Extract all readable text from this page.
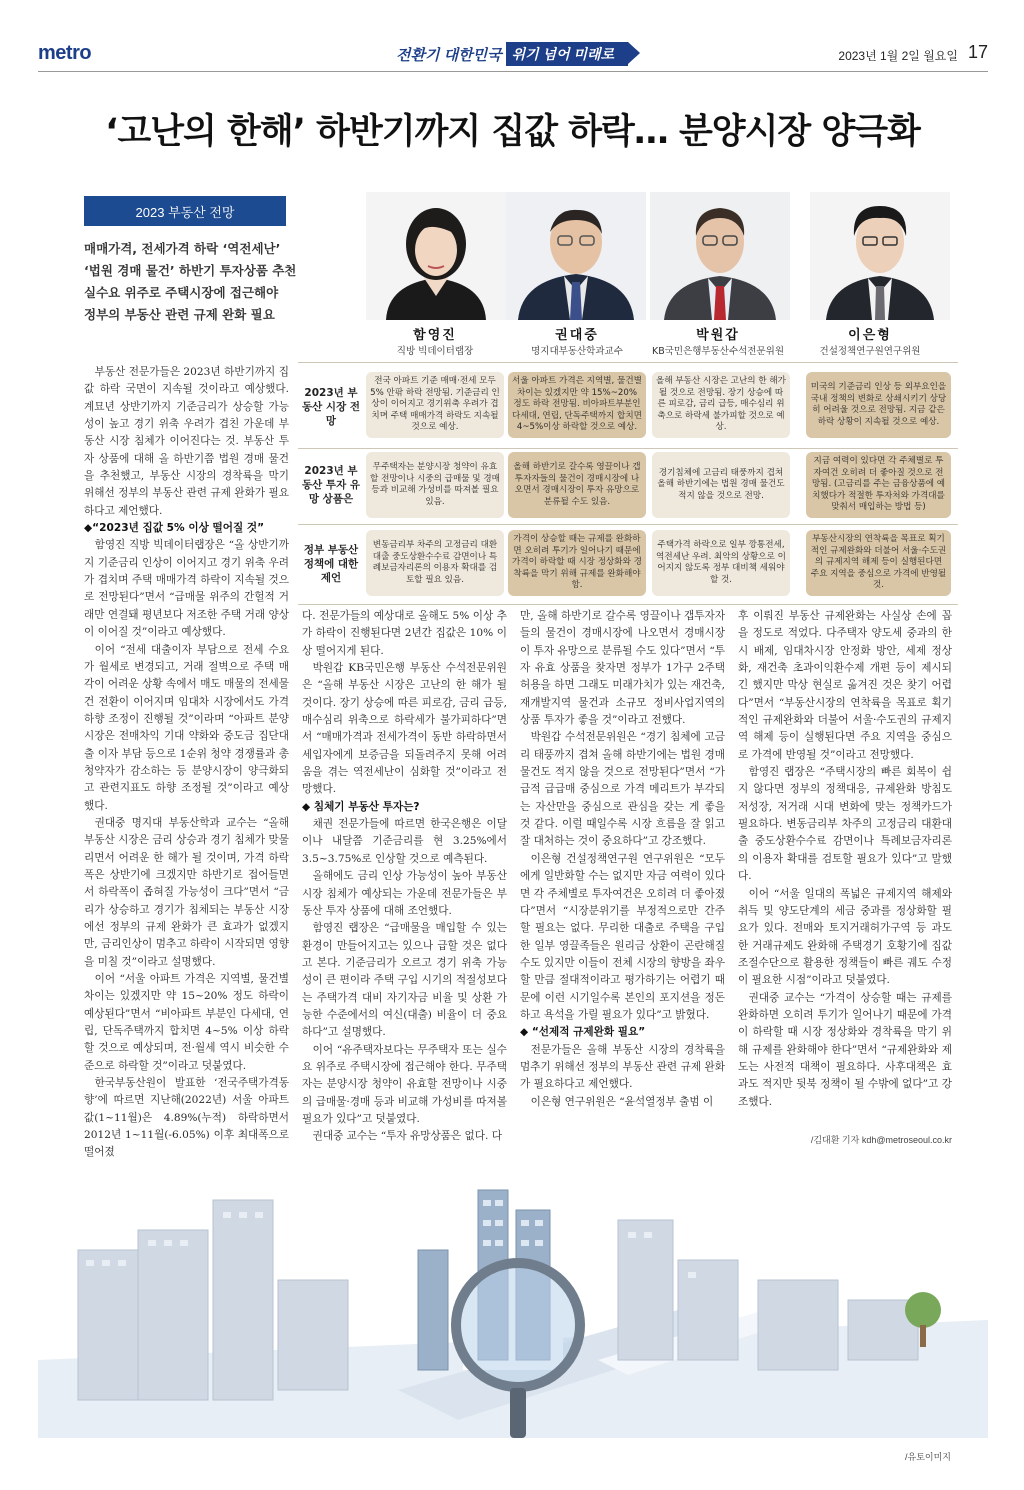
metro	전환기 대한민국 위기 넘어 미래로	2023년 1월 2일 월요일 17
‘고난의 한해’ 하반기까지 집값 하락… 분양시장 양극화
2023 부동산 전망
매매가격, 전세가격 하락 ‘역전세난’
‘법원 경매 물건’ 하반기 투자상품 추천
실수요 위주로 주택시장에 접근해야
정부의 부동산 관련 규제 완화 필요
함영진
직방 빅데이터랩장
권대중
명지대부동산학과교수
박원갑
KB국민은행부동산수석전문위원
이은형
건설정책연구원연구위원
2023년 부동산 시장 전망
2023년 부동산 투자 유망 상품은
정부 부동산정책에 대한 제언
전국 아파트 기준 매매·전세 모두 5% 안팎 하락 전망됨. 기준금리 인상이 이어지고 경기위축 우려가 겹치며 주택 매매가격 하락도 지속될 것으로 예상.
서울 아파트 가격은 지역별, 물건별 차이는 있겠지만 약 15%~20% 정도 하락 전망됨. 비아파트부분인 다세대, 연립, 단독주택까지 합치면 4~5%이상 하락할 것으로 예상.
올해 부동산 시장은 고난의 한 해가 될 것으로 전망됨. 장기 상승에 따른 피로감, 금리 급등, 매수심리 위축으로 하락세 불가피할 것으로 예상.
미국의 기준금리 인상 등 외부요인을 국내 정책의 변화로 상쇄시키기 상당히 어려울 것으로 전망됨. 지금 같은 하락 상황이 지속될 것으로 예상.
무주택자는 분양시장 청약이 유효할 전망이나 시중의 급매물 및 경매 등과 비교해 가성비를 따져볼 필요 있음.
올해 하반기로 갈수록 영끌이나 갭투자자들의 물건이 경매시장에 나오면서 경매시장이 투자 유망으로 분류될 수도 있음.
경기침체에 고금리 태풍까지 겹쳐 올해 하반기에는 법원 경매 물건도 적지 않을 것으로 전망.
지금 여력이 있다면 각 주체별로 투자여건 오히려 더 좋아질 것으로 전망됨. (고금리를 주는 금융상품에 예치했다가 적절한 투자처와 가격대를 맞춰서 매입하는 방법 등)
변동금리부 차주의 고정금리 대환대출 중도상환수수료 감면이나 특례보금자리론의 이용자 확대를 검토할 필요 있음.
가격이 상승할 때는 규제를 완화하면 오히려 투기가 일어나기 때문에 가격이 하락할 때 시장 정상화와 경착륙을 막기 위해 규제를 완화해야 함.
주택가격 하락으로 일부 깡통전세, 역전세난 우려. 최악의 상황으로 이어지지 않도록 정부 대비책 세워야 할 것.
부동산시장의 연착륙을 목표로 획기적인 규제완화와 더불어 서울·수도권의 규제지역 해제 등이 실행된다면 주요 지역을 중심으로 가격에 반영될 것.

부동산 전문가들은 2023년 하반기까지 집값 하락 국면이 지속될 것이라고 예상했다. 계묘년 상반기까지 기준금리가 상승할 가능성이 높고 경기 위축 우려가 겹친 가운데 부동산 시장 침체가 이어진다는 것. 부동산 투자 상품에 대해 올 하반기쯤 법원 경매 물건을 추천했고, 부동산 시장의 경착륙을 막기 위해선 정부의 부동산 관련 규제 완화가 필요하다고 제언했다.

◆“2023년 집값 5% 이상 떨어질 것”

함영진 직방 빅데이터랩장은 “올 상반기까지 기준금리 인상이 이어지고 경기 위축 우려가 겹치며 주택 매매가격 하락이 지속될 것으로 전망된다”면서 “급매물 위주의 간헐적 거래만 연결돼 평년보다 저조한 주택 거래 양상이 이어질 것”이라고 예상했다.

이어 “전세 대출이자 부담으로 전세 수요가 월세로 변경되고, 거래 절벽으로 주택 매각이 어려운 상황 속에서 매도 매물의 전세물건 전환이 이어지며 임대차 시장에서도 가격 하향 조정이 진행될 것”이라며 “아파트 분양시장은 전매차익 기대 약화와 중도금 집단대출 이자 부담 등으로 1순위 청약 경쟁률과 총 청약자가 감소하는 등 분양시장이 양극화되고 관련지표도 하향 조정될 것”이라고 예상했다.

권대중 명지대 부동산학과 교수는 “올해 부동산 시장은 금리 상승과 경기 침체가 맞물리면서 어려운 한 해가 될 것이며, 가격 하락폭은 상반기에 크겠지만 하반기로 접어들면서 하락폭이 좁혀질 가능성이 크다”면서 “금리가 상승하고 경기가 침체되는 부동산 시장에선 정부의 규제 완화가 큰 효과가 없겠지만, 금리인상이 멈추고 하락이 시작되면 영향을 미칠 것”이라고 설명했다.

이어 “서울 아파트 가격은 지역별, 물건별 차이는 있겠지만 약 15~20% 정도 하락이 예상된다”면서 “비아파트 부분인 다세대, 연립, 단독주택까지 합치면 4~5% 이상 하락할 것으로 예상되며, 전·월세 역시 비슷한 수준으로 하락할 것”이라고 덧붙였다.

한국부동산원이 발표한 ‘전국주택가격동향’에 따르면 지난해(2022년) 서울 아파트값(1~11월)은 4.89%(누적) 하락하면서 2012년 1~11월(-6.05%) 이후 최대폭으로 떨어졌

다. 전문가들의 예상대로 올해도 5% 이상 추가 하락이 진행된다면 2년간 집값은 10% 이상 떨어지게 된다.

박원갑 KB국민은행 부동산 수석전문위원은 “올해 부동산 시장은 고난의 한 해가 될 것이다. 장기 상승에 따른 피로감, 금리 급등, 매수심리 위축으로 하락세가 불가피하다”면서 “매매가격과 전세가격이 동반 하락하면서 세입자에게 보증금을 되돌려주지 못해 어려움을 겪는 역전세난이 심화할 것”이라고 전망했다.

◆ 침체기 부동산 투자는?

채권 전문가들에 따르면 한국은행은 이달이나 내달쯤 기준금리를 현 3.25%에서 3.5~3.75%로 인상할 것으로 예측된다.

올해에도 금리 인상 가능성이 높아 부동산 시장 침체가 예상되는 가운데 전문가들은 부동산 투자 상품에 대해 조언했다.

함영진 랩장은 “급매물을 매입할 수 있는 환경이 만들어지고는 있으나 급할 것은 없다고 본다. 기준금리가 오르고 경기 위축 가능성이 큰 편이라 주택 구입 시기의 적절성보다는 주택가격 대비 자기자금 비율 및 상환 가능한 수준에서의 여신(대출) 비율이 더 중요하다”고 설명했다.

이어 “유주택자보다는 무주택자 또는 실수요 위주로 주택시장에 접근해야 한다. 무주택자는 분양시장 청약이 유효할 전망이나 시중의 급매물·경매 등과 비교해 가성비를 따져볼 필요가 있다”고 덧붙였다.

권대중 교수는 “투자 유망상품은 없다. 다

만, 올해 하반기로 갈수록 영끌이나 갭투자자들의 물건이 경매시장에 나오면서 경매시장이 투자 유망으로 분류될 수도 있다”면서 “투자 유효 상품을 찾자면 정부가 1가구 2주택 허용을 하면 그래도 미래가치가 있는 재건축, 재개발지역 물건과 소규모 정비사업지역의 상품 투자가 좋을 것”이라고 전했다.

박원갑 수석전문위원은 “경기 침체에 고금리 태풍까지 겹쳐 올해 하반기에는 법원 경매 물건도 적지 않을 것으로 전망된다”면서 “가급적 급급매 중심으로 가격 메리트가 부각되는 자산만을 중심으로 관심을 갖는 게 좋을 것 같다. 이럴 때일수록 시장 흐름을 잘 읽고 잘 대처하는 것이 중요하다”고 강조했다.

이은형 건설정책연구원 연구위원은 “모두에게 일반화할 수는 없지만 자금 여력이 있다면 각 주체별로 투자여건은 오히려 더 좋아졌다”면서 “시장분위기를 부정적으로만 간주할 필요는 없다. 무리한 대출로 주택을 구입한 일부 영끌족들은 원리금 상환이 곤란해질 수도 있지만 이들이 전체 시장의 향방을 좌우할 만큼 절대적이라고 평가하기는 어렵기 때문에 이런 시기일수록 본인의 포지션을 정돈하고 욕석을 가릴 필요가 있다”고 밝혔다.

◆ “선제적 규제완화 필요”

전문가들은 올해 부동산 시장의 경착륙을 멈추기 위해선 정부의 부동산 관련 규제 완화가 필요하다고 제언했다.

이은형 연구위원은 “윤석열정부 출범 이

후 이뤄진 부동산 규제완화는 사실상 손에 꼽을 정도로 적었다. 다주택자 양도세 중과의 한시 배제, 임대차시장 안정화 방안, 세제 정상화, 재건축 초과이익환수제 개편 등이 제시되긴 했지만 막상 현실로 옮겨진 것은 찾기 어렵다”면서 “부동산시장의 연착륙을 목표로 획기적인 규제완화와 더불어 서울·수도권의 규제지역 해제 등이 실행된다면 주요 지역을 중심으로 가격에 반영될 것”이라고 전망했다.

함영진 랩장은 “주택시장의 빠른 회복이 쉽지 않다면 정부의 정책대응, 규제완화 방침도 저성장, 저거래 시대 변화에 맞는 정책카드가 필요하다. 변동금리부 차주의 고정금리 대환대출 중도상환수수료 감면이나 특례보금자리론의 이용자 확대를 검토할 필요가 있다”고 말했다.

이어 “서울 일대의 폭넓은 규제지역 해제와 취득 및 양도단계의 세금 중과를 정상화할 필요가 있다. 전매와 토지거래허가구역 등 과도한 거래규제도 완화해 주택경기 호황기에 집값 조절수단으로 활용한 정책들이 빠른 궤도 수정이 필요한 시점”이라고 덧붙였다.

권대중 교수는 “가격이 상승할 때는 규제를 완화하면 오히려 투기가 일어나기 때문에 가격이 하락할 때 시장 정상화와 경착륙을 막기 위해 규제를 완화해야 한다”면서 “규제완화와 제도는 사전적 대책이 필요하다. 사후대책은 효과도 적지만 뒷북 정책이 될 수밖에 없다”고 강조했다.

/김대환 기자 kdh@metroseoul.co.kr
/유토이미지
